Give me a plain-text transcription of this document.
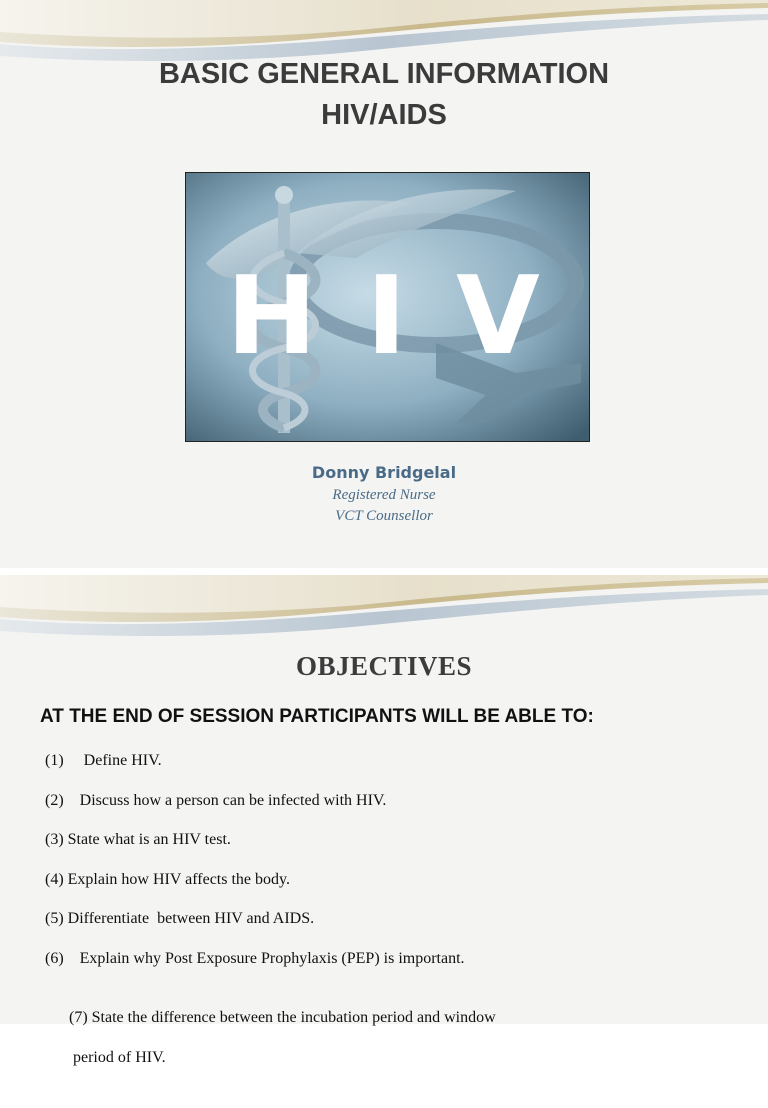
BASIC GENERAL INFORMATION
HIV/AIDS
H I V
Donny Bridgelal
Registered Nurse
VCT Counsellor
OBJECTIVES
AT THE END OF SESSION PARTICIPANTS WILL BE ABLE TO:
(1)     Define HIV.
(2)    Discuss how a person can be infected with HIV.
(3) State what is an HIV test.
(4) Explain how HIV affects the body.
(5) Differentiate  between HIV and AIDS.
(6)    Explain why Post Exposure Prophylaxis (PEP) is important.

(7) State the difference between the incubation period and window

period of HIV.
